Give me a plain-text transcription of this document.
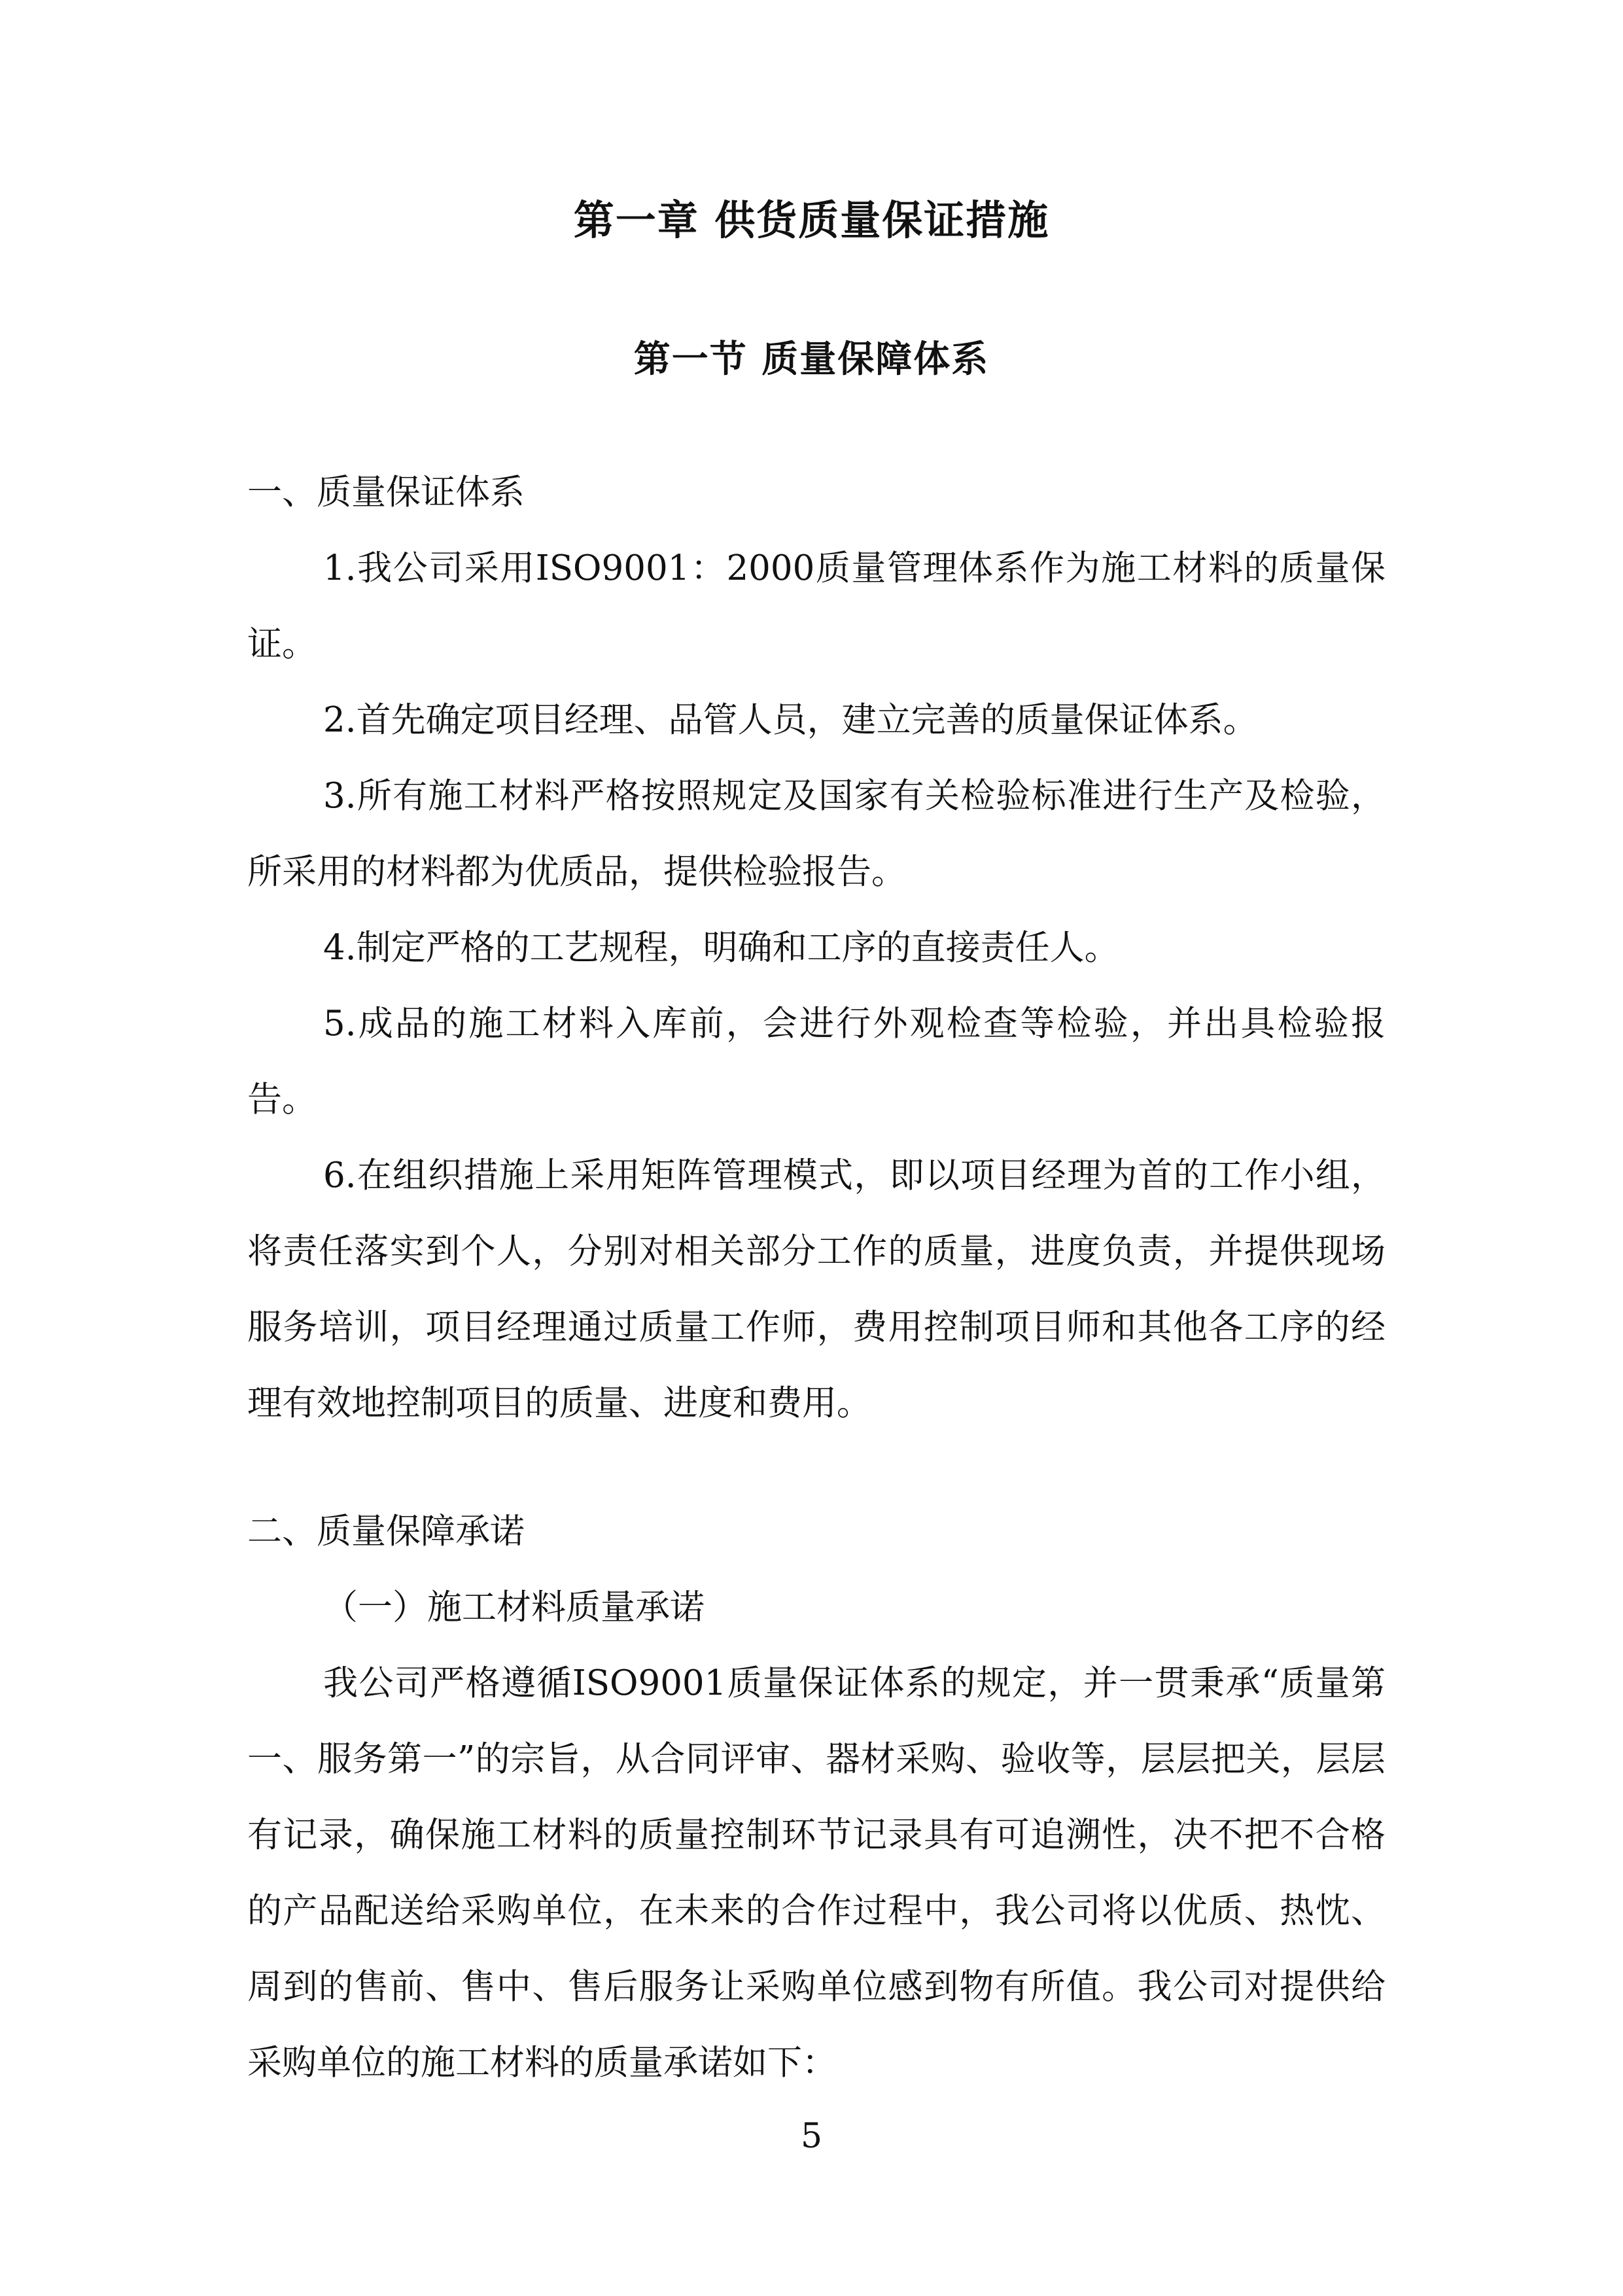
第一章 供货质量保证措施
第一节 质量保障体系

一、质量保证体系

1.我公司采用ISO9001：2000质量管理体系作为施工材料的质量保证。

2.首先确定项目经理、品管人员，建立完善的质量保证体系。

3.所有施工材料严格按照规定及国家有关检验标准进行生产及检验，所采用的材料都为优质品，提供检验报告。

4.制定严格的工艺规程，明确和工序的直接责任人。

5.成品的施工材料入库前，会进行外观检查等检验，并出具检验报告。

6.在组织措施上采用矩阵管理模式，即以项目经理为首的工作小组，将责任落实到个人，分别对相关部分工作的质量，进度负责，并提供现场服务培训，项目经理通过质量工作师，费用控制项目师和其他各工序的经理有效地控制项目的质量、进度和费用。

二、质量保障承诺

（一）施工材料质量承诺

我公司严格遵循ISO9001质量保证体系的规定，并一贯秉承“质量第一、服务第一”的宗旨，从合同评审、器材采购、验收等，层层把关，层层有记录，确保施工材料的质量控制环节记录具有可追溯性，决不把不合格的产品配送给采购单位，在未来的合作过程中，我公司将以优质、热忱、周到的售前、售中、售后服务让采购单位感到物有所值。我公司对提供给采购单位的施工材料的质量承诺如下：

5
